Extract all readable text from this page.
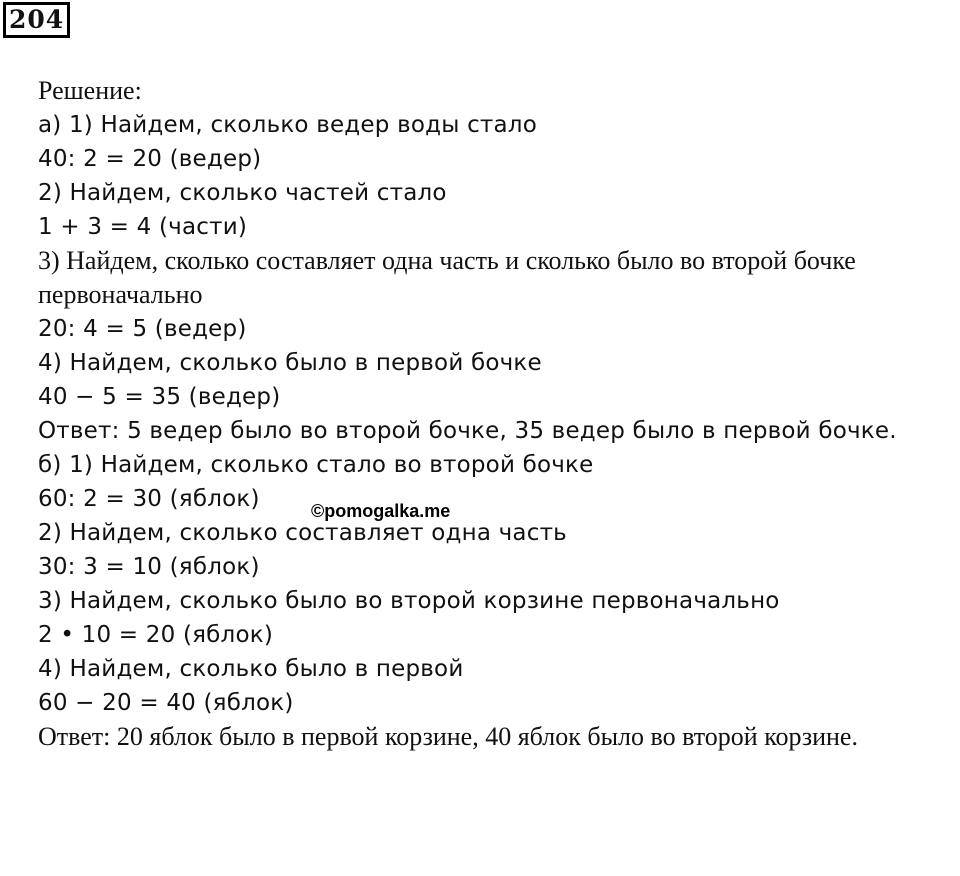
204
Решение:
а) 1) Найдем, сколько ведер воды стало
40: 2 = 20 (ведер)
2) Найдем, сколько частей стало
1 + 3 = 4 (части)
3) Найдем, сколько составляет одна часть и сколько было во второй бочке
первоначально
20: 4 = 5 (ведер)
4) Найдем, сколько было в первой бочке
40 − 5 = 35 (ведер)
Ответ: 5 ведер было во второй бочке, 35 ведер было в первой бочке.
б) 1) Найдем, сколько стало во второй бочке
60: 2 = 30 (яблок)
2) Найдем, сколько составляет одна часть
30: 3 = 10 (яблок)
3) Найдем, сколько было во второй корзине первоначально
2 • 10 = 20 (яблок)
4) Найдем, сколько было в первой
60 − 20 = 40 (яблок)
Ответ: 20 яблок было в первой корзине, 40 яблок было во второй корзине.
©pomogalka.me
